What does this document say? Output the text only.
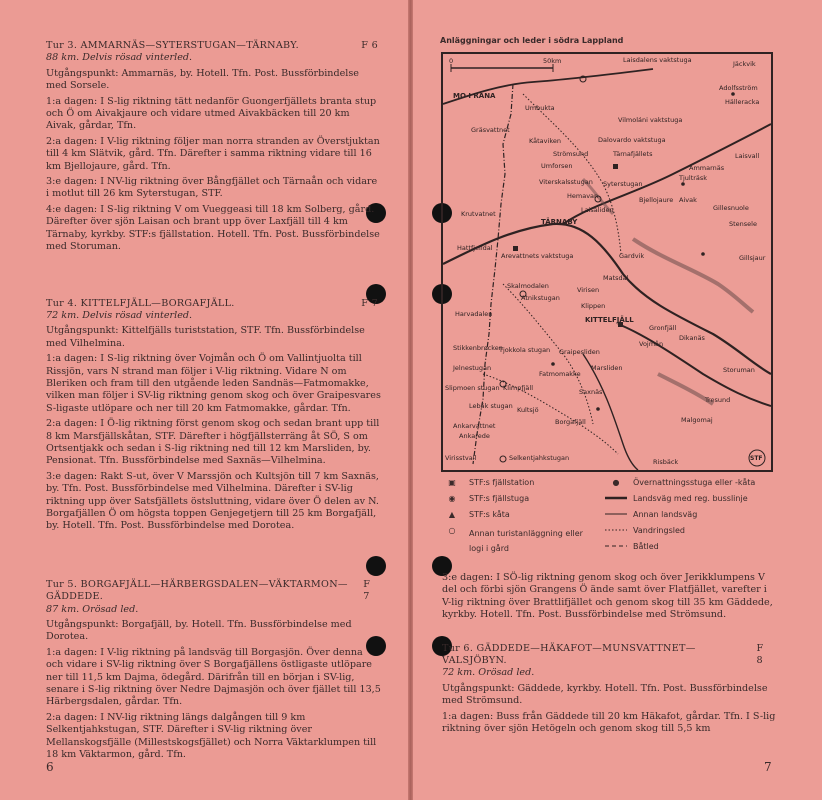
Tur 3. AMMARNÄS—SYTERSTUGAN—TÄRNABY.	F 6
88 km. Delvis rösad vinterled.

Utgångspunkt: Ammarnäs, by. Hotell. Tfn. Post. Bussförbindelse med Sorsele.

1:a dagen: I S-lig riktning tätt nedanför Guongerfjällets branta stup och Ö om Aivakjaure och vidare utmed Aivakbäcken till 20 km Aivak, gårdar, Tfn.

2:a dagen: I V-lig riktning följer man norra stranden av Överstjuktan till 4 km Slätvik, gård. Tfn. Därefter i samma riktning vidare till 16 km Bjellojaure, gård. Tfn.

3:e dagen: I NV-lig riktning över Bångfjället och Tärnaån och vidare i motlut till 26 km Syterstugan, STF.

4:e dagen: I S-lig riktning V om Vueggeasi till 18 km Solberg, gård. Därefter över sjön Laisan och brant upp över Laxfjäll till 4 km Tärnaby, kyrkby. STF:s fjällstation. Hotell. Tfn. Post. Bussförbindelse med Storuman.

Tur 4. KITTELFJÄLL—BORGAFJÄLL.	F 7
72 km. Delvis rösad vinterled.

Utgångspunkt: Kittelfjälls turiststation, STF. Tfn. Bussförbindelse med Vilhelmina.

1:a dagen: I S-lig riktning över Vojmån och Ö om Vallintjuolta till Rissjön, vars N strand man följer i V-lig riktning. Vidare N om Bleriken och fram till den utgående leden Sandnäs—Fatmomakke, vilken man följer i SV-lig riktning genom skog och över Graipesvares S-ligaste utlöpare och ner till 20 km Fatmomakke, gårdar. Tfn.

2:a dagen: I Ö-lig riktning först genom skog och sedan brant upp till 8 km Marsfjällskåtan, STF. Därefter i högfjällsterräng åt SÖ, S om Ortsentjakk och sedan i S-lig riktning ned till 12 km Marsliden, by. Pensionat. Tfn. Bussförbindelse med Saxnäs—Vilhelmina.

3:e dagen: Rakt S-ut, över V Marssjön och Kultsjön till 7 km Saxnäs, by. Tfn. Post. Bussförbindelse med Vilhelmina. Därefter i SV-lig riktning upp över Satsfjällets östsluttning, vidare över Ö delen av N. Borgafjällen Ö om högsta toppen Genjegetjern till 25 km Borgafjäll, by. Hotell. Tfn. Post. Bussförbindelse med Dorotea.

Tur 5. BORGAFJÄLL—HÄRBERGSDALEN—VÄKTARMON—GÄDDEDE.
F 7
87 km. Orösad led.

Utgångspunkt: Borgafjäll, by. Hotell. Tfn. Bussförbindelse med Dorotea.

1:a dagen: I V-lig riktning på landsväg till Borgasjön. Över denna och vidare i SV-lig riktning över S Borgafjällens östligaste utlöpare ner till 11,5 km Dajma, ödegård. Därifrån till en början i SV-lig, senare i S-lig riktning över Nedre Dajmasjön och över fjället till 13,5 Härbergsdalen, gårdar. Tfn.

2:a dagen: I NV-lig riktning längs dalgången till 9 km Selkentjahkstugan, STF. Därefter i SV-lig riktning över Mellanskogsfjälle (Millestskogsfjället) och Norra Väktarklumpen till 18 km Väktarmon, gård. Tfn.

6
Anläggningar och leder i södra Lappland
0	50km
MO I RANA
Umbukta
Gräsvattnet
Kåtaviken
Strömsund
Dalovardo vaktstuga
Vilmoláni vaktstuga
Laisvall
Adolfsström
Hälleracka
Jäckvik
Laisdalens vaktstuga
Umforsen
Tärnafjällets
Ammarnäs
Tjulträsk
Syterstugan
Viterskalsstugan
Hemavan	Bjellojaure Aivak
Krutvatnet
TÄRNABY
Laisaliden	Gillesnuole
Stensele
Hattfjelldal
Arevattnets vaktstuga	Gardvik
Skalmodalen
Atnikstugan
Virisen
Matsdal
Gillsjaur
Harvadalen
KITTELFJÄLL
Klippen
Storuman
Vojmån
Dikanäs
Gronfjäll
Stikkenbrøcken
Tjokkola stugan Graipesliden
Jelnestugan
Fatmomakke
Marsliden
Slipmoen stugan Klimpfjäll	Saxnäs
Lebäk stugan Kultsjö
Borgafjäll	Malgomaj
Tresund
Ankarvattnet
Ankarede
Selkentjahkstugan	Risbäck
Virisstvall	STF
▣	STF:s fjällstation
◉	STF:s fjällstuga
▲	STF:s kåta
○	Annan turistanläggning eller logi i gård
●	Övernattningsstuga eller -kåta
Landsväg med reg. busslinje
Annan landsväg
Vandringsled
Båtled

3:e dagen: I SÖ-lig riktning genom skog och över Jerikklumpens V del och förbi sjön Grangens Ö ände samt över Flatfjället, varefter i V-lig riktning över Brattlifjället och genom skog till 35 km Gäddede, kyrkby. Hotell. Tfn. Post. Bussförbindelse med Strömsund.

Tur 6. GÄDDEDE—HÄKAFOT—MUNSVATTNET—VALSJÖBYN.
F 8
72 km. Orösad led.

Utgångspunkt: Gäddede, kyrkby. Hotell. Tfn. Post. Bussförbindelse med Strömsund.

1:a dagen: Buss från Gäddede till 20 km Häkafot, gårdar. Tfn. I S-lig riktning över sjön Hetögeln och genom skog till 5,5 km

7
